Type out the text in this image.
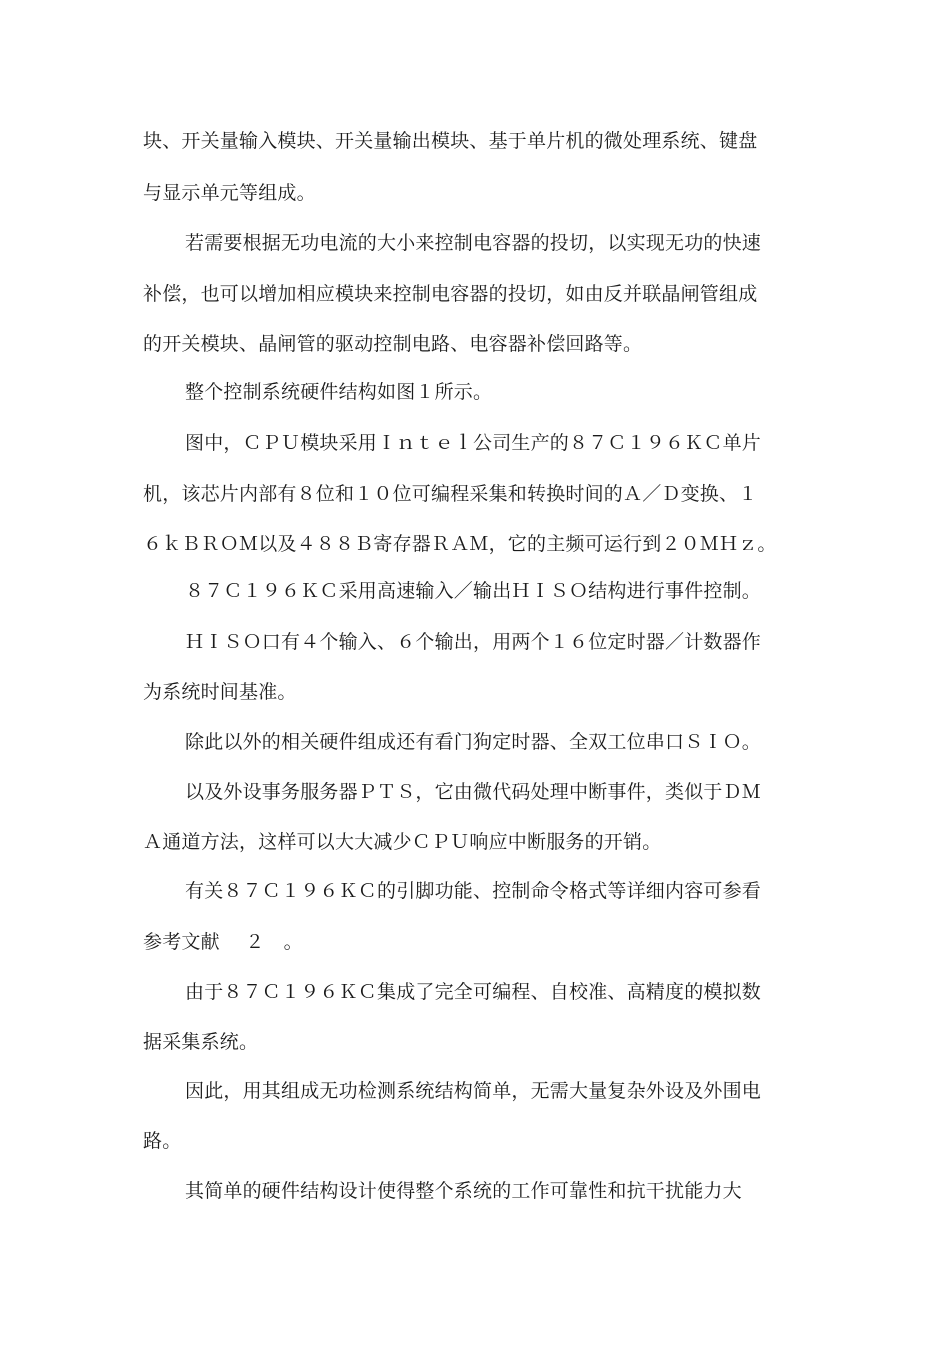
块、开关量输入模块、开关量输出模块、基于单片机的微处理系统、键盘
与显示单元等组成。
若需要根据无功电流的大小来控制电容器的投切，以实现无功的快速
补偿，也可以增加相应模块来控制电容器的投切，如由反并联晶闸管组成
的开关模块、晶闸管的驱动控制电路、电容器补偿回路等。
整个控制系统硬件结构如图１所示。
图中，ＣＰＵ模块采用Ｉｎｔｅｌ公司生产的８７Ｃ１９６ＫＣ单片
机，该芯片内部有８位和１０位可编程采集和转换时间的Ａ／Ｄ变换、１
６ｋＢＲＯＭ以及４８８Ｂ寄存器ＲＡＭ，它的主频可运行到２０ＭＨｚ。
８７Ｃ１９６ＫＣ采用高速输入／输出ＨＩＳＯ结构进行事件控制。
ＨＩＳＯ口有４个输入、６个输出，用两个１６位定时器／计数器作
为系统时间基准。
除此以外的相关硬件组成还有看门狗定时器、全双工位串口ＳＩＯ。
以及外设事务服务器ＰＴＳ，它由微代码处理中断事件，类似于ＤＭ
Ａ通道方法，这样可以大大减少ＣＰＵ响应中断服务的开销。
有关８７Ｃ１９６ＫＣ的引脚功能、控制命令格式等详细内容可参看
参考文献　 ２　。
由于８７Ｃ１９６ＫＣ集成了完全可编程、自校准、高精度的模拟数
据采集系统。
因此，用其组成无功检测系统结构简单，无需大量复杂外设及外围电
路。
其简单的硬件结构设计使得整个系统的工作可靠性和抗干扰能力大
